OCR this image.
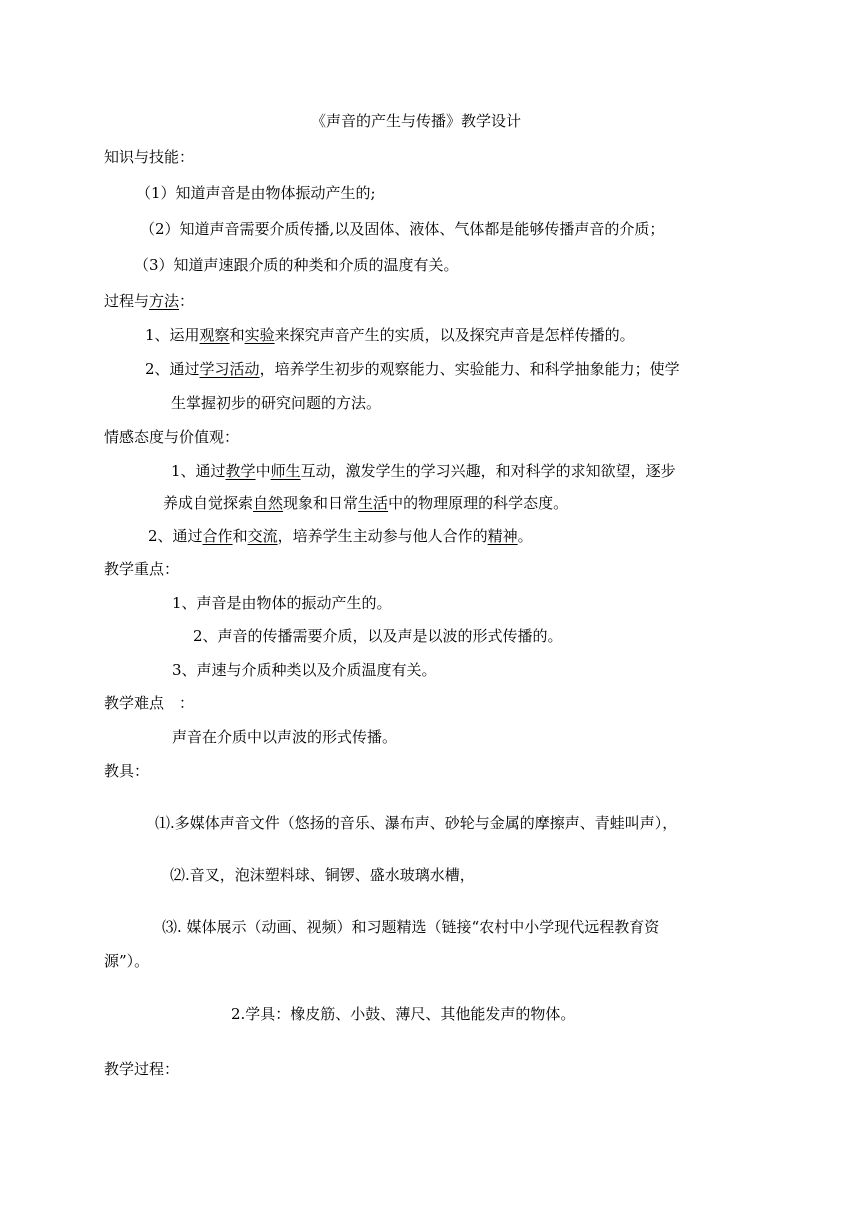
《声音的产生与传播》教学设计
知识与技能：
（1）知道声音是由物体振动产生的;
（2）知道声音需要介质传播,以及固体、液体、气体都是能够传播声音的介质；
（3）知道声速跟介质的种类和介质的温度有关。
过程与方法：
1、运用观察和实验来探究声音产生的实质，以及探究声音是怎样传播的。
2、通过学习活动，培养学生初步的观察能力、实验能力、和科学抽象能力；使学
生掌握初步的研究问题的方法。
情感态度与价值观：
1、通过教学中师生互动，激发学生的学习兴趣，和对科学的求知欲望，逐步
养成自觉探索自然现象和日常生活中的物理原理的科学态度。
2、通过合作和交流，培养学生主动参与他人合作的精神。
教学重点：
1、声音是由物体的振动产生的。
2、声音的传播需要介质，以及声是以波的形式传播的。
3、声速与介质种类以及介质温度有关。
教学难点　：
声音在介质中以声波的形式传播。
教具：
⑴.多媒体声音文件（悠扬的音乐、瀑布声、砂轮与金属的摩擦声、青蛙叫声），
⑵.音叉，泡沫塑料球、铜锣、盛水玻璃水槽，
⑶. 媒体展示（动画、视频）和习题精选（链接“农村中小学现代远程教育资
源”）。
2.学具：橡皮筋、小鼓、薄尺、其他能发声的物体。
教学过程：
